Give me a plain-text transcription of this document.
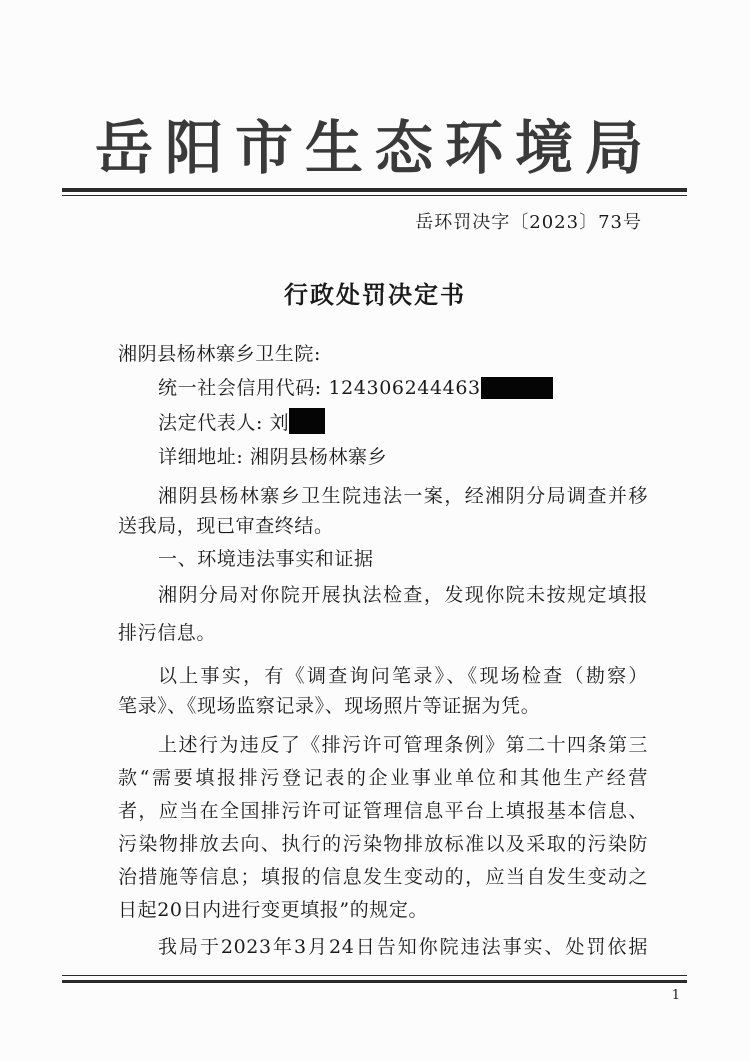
岳阳市生态环境局
岳环罚决字〔2023〕73号
行政处罚决定书
湘阴县杨林寨乡卫生院:
统一社会信用代码: 124306244463
法定代表人: 刘
详细地址: 湘阴县杨林寨乡
湘阴县杨林寨乡卫生院违法一案，经湘阴分局调查并移
送我局，现已审查终结。
一、环境违法事实和证据
湘阴分局对你院开展执法检查，发现你院未按规定填报
排污信息。
以上事实，有《调查询问笔录》、《现场检查（勘察）
笔录》、《现场监察记录》、现场照片等证据为凭。
上述行为违反了《排污许可管理条例》第二十四条第三
款“需要填报排污登记表的企业事业单位和其他生产经营
者，应当在全国排污许可证管理信息平台上填报基本信息、
污染物排放去向、执行的污染物排放标准以及采取的污染防
治措施等信息；填报的信息发生变动的，应当自发生变动之
日起20日内进行变更填报”的规定。
我局于2023年3月24日告知你院违法事实、处罚依据
1
